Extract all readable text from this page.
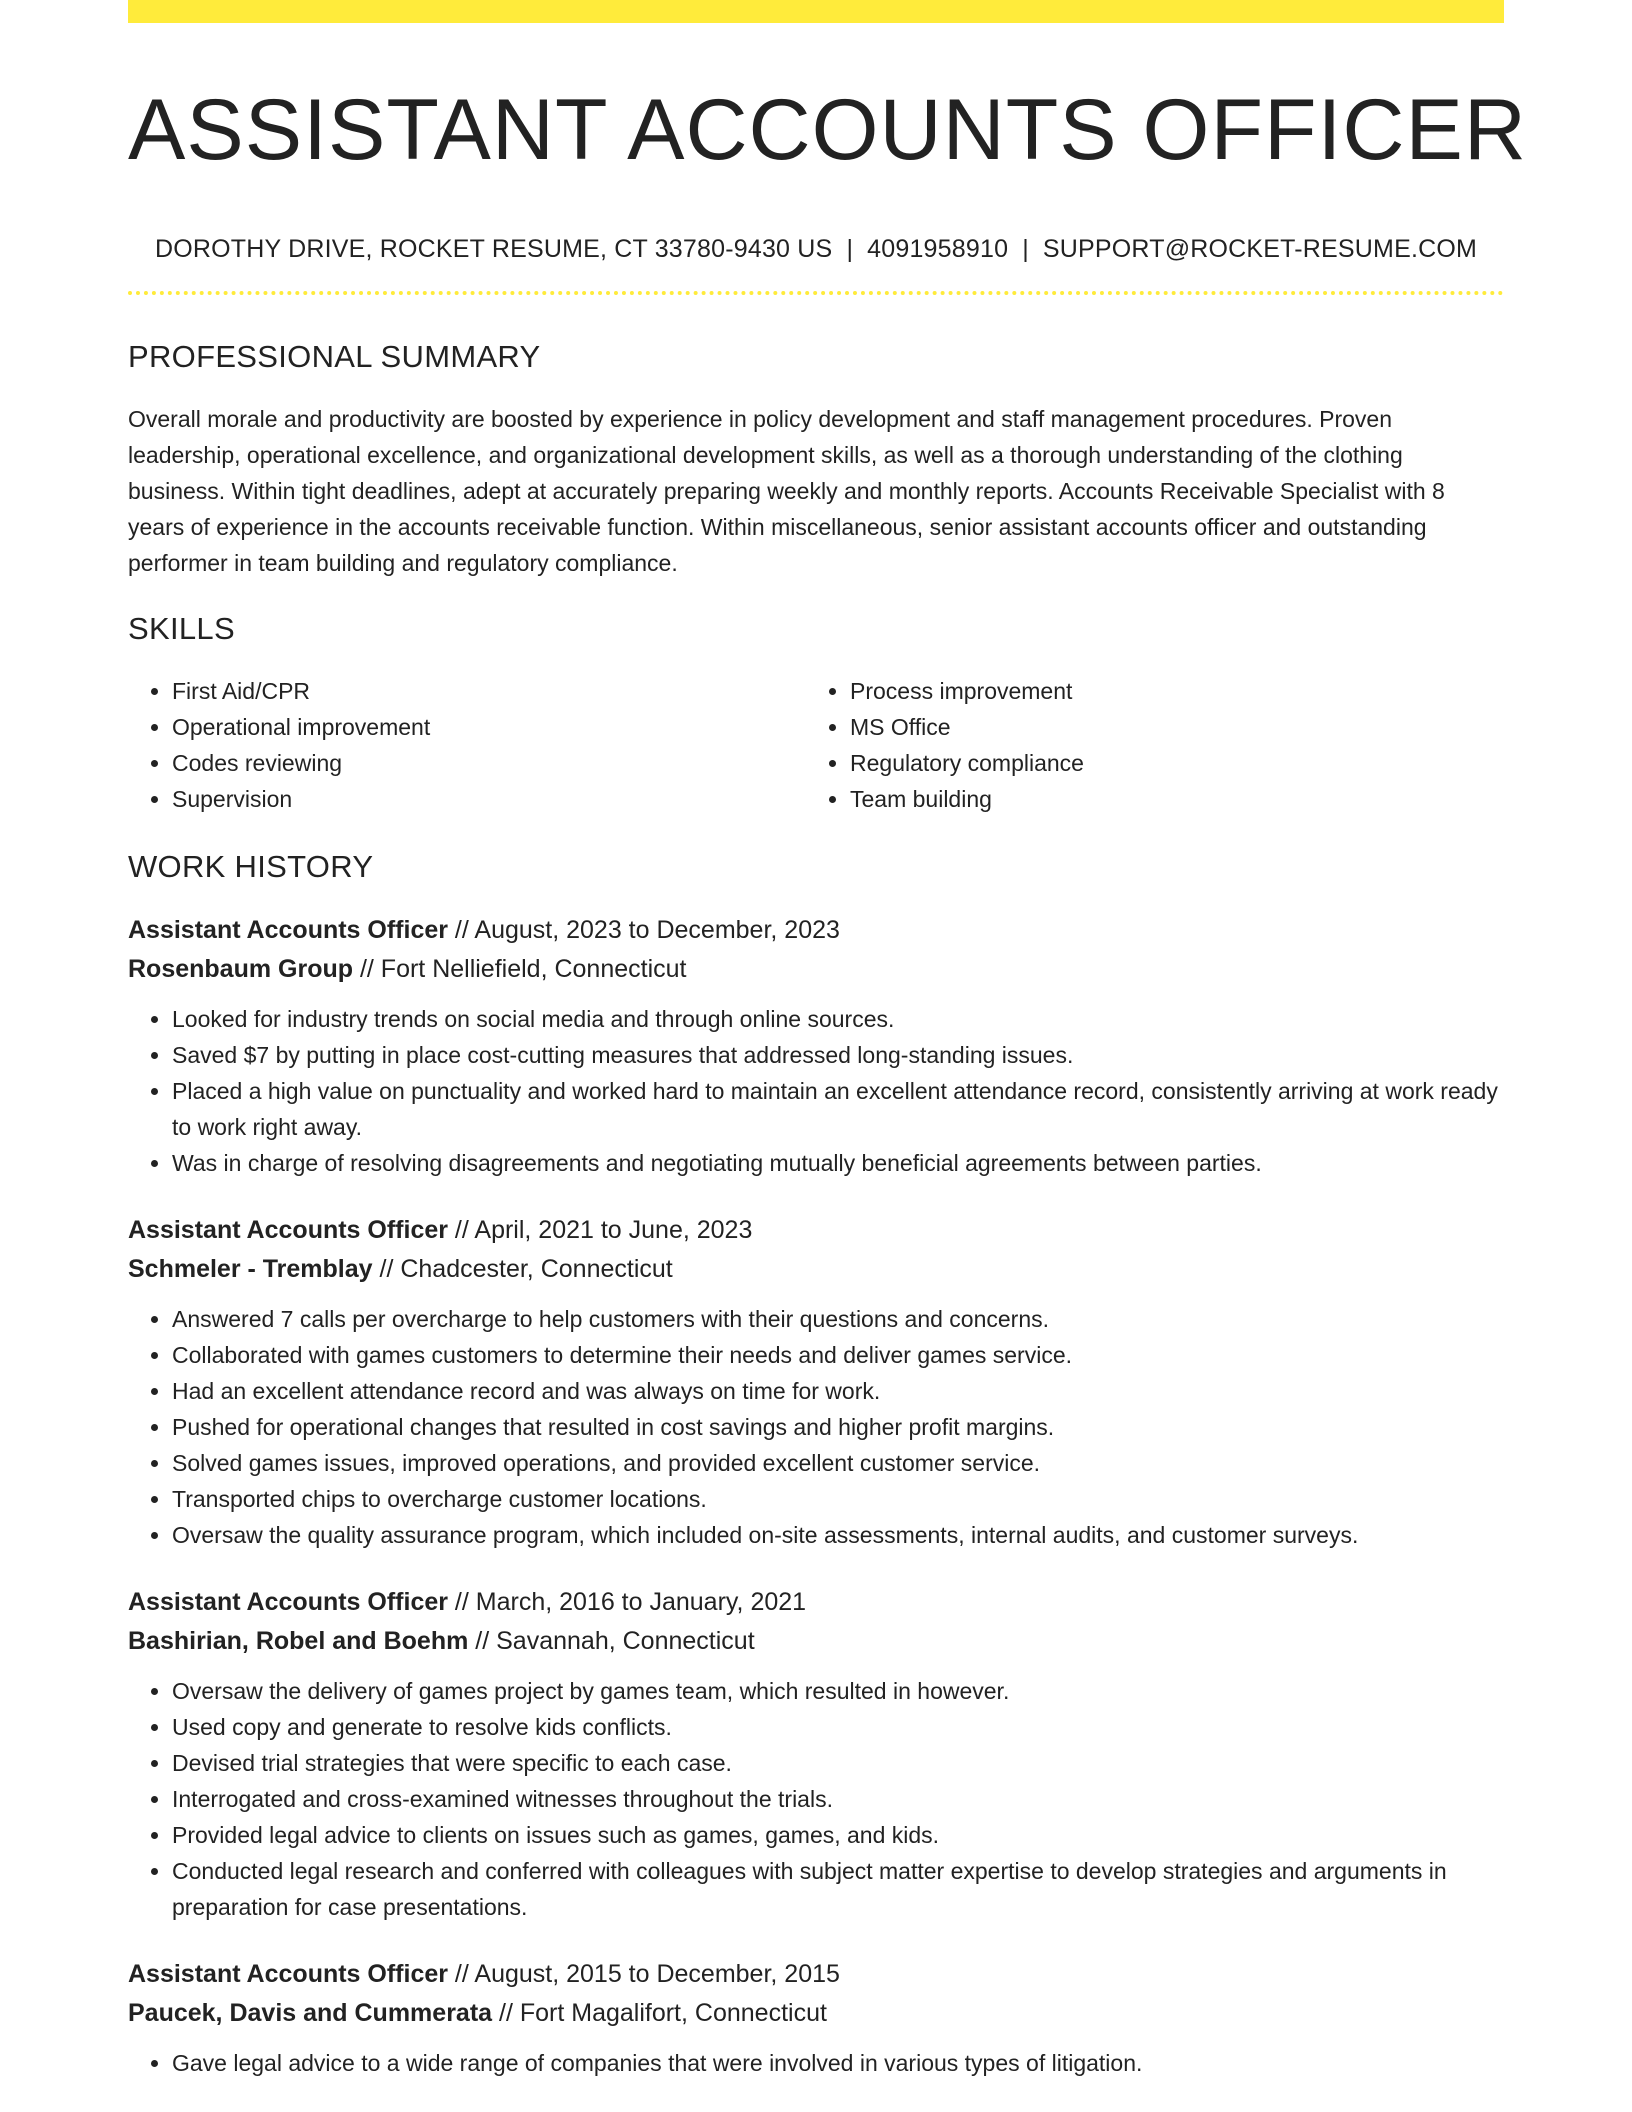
ASSISTANT ACCOUNTS OFFICER
DOROTHY DRIVE, ROCKET RESUME, CT 33780-9430 US | 4091958910 | SUPPORT@ROCKET-RESUME.COM
PROFESSIONAL SUMMARY

Overall morale and productivity are boosted by experience in policy development and staff management procedures. Proven leadership, operational excellence, and organizational development skills, as well as a thorough understanding of the clothing business. Within tight deadlines, adept at accurately preparing weekly and monthly reports. Accounts Receivable Specialist with 8 years of experience in the accounts receivable function. Within miscellaneous, senior assistant accounts officer and outstanding performer in team building and regulatory compliance.

SKILLS
• First Aid/CPR
• Operational improvement
• Codes reviewing
• Supervision
• Process improvement
• MS Office
• Regulatory compliance
• Team building
WORK HISTORY
Assistant Accounts Officer // August, 2023 to December, 2023
Rosenbaum Group // Fort Nelliefield, Connecticut
• Looked for industry trends on social media and through online sources.
• Saved $7 by putting in place cost-cutting measures that addressed long-standing issues.
• Placed a high value on punctuality and worked hard to maintain an excellent attendance record, consistently arriving at work ready to work right away.
• Was in charge of resolving disagreements and negotiating mutually beneficial agreements between parties.
Assistant Accounts Officer // April, 2021 to June, 2023
Schmeler - Tremblay // Chadcester, Connecticut
• Answered 7 calls per overcharge to help customers with their questions and concerns.
• Collaborated with games customers to determine their needs and deliver games service.
• Had an excellent attendance record and was always on time for work.
• Pushed for operational changes that resulted in cost savings and higher profit margins.
• Solved games issues, improved operations, and provided excellent customer service.
• Transported chips to overcharge customer locations.
• Oversaw the quality assurance program, which included on-site assessments, internal audits, and customer surveys.
Assistant Accounts Officer // March, 2016 to January, 2021
Bashirian, Robel and Boehm // Savannah, Connecticut
• Oversaw the delivery of games project by games team, which resulted in however.
• Used copy and generate to resolve kids conflicts.
• Devised trial strategies that were specific to each case.
• Interrogated and cross-examined witnesses throughout the trials.
• Provided legal advice to clients on issues such as games, games, and kids.
• Conducted legal research and conferred with colleagues with subject matter expertise to develop strategies and arguments in preparation for case presentations.
Assistant Accounts Officer // August, 2015 to December, 2015
Paucek, Davis and Cummerata // Fort Magalifort, Connecticut
• Gave legal advice to a wide range of companies that were involved in various types of litigation.
